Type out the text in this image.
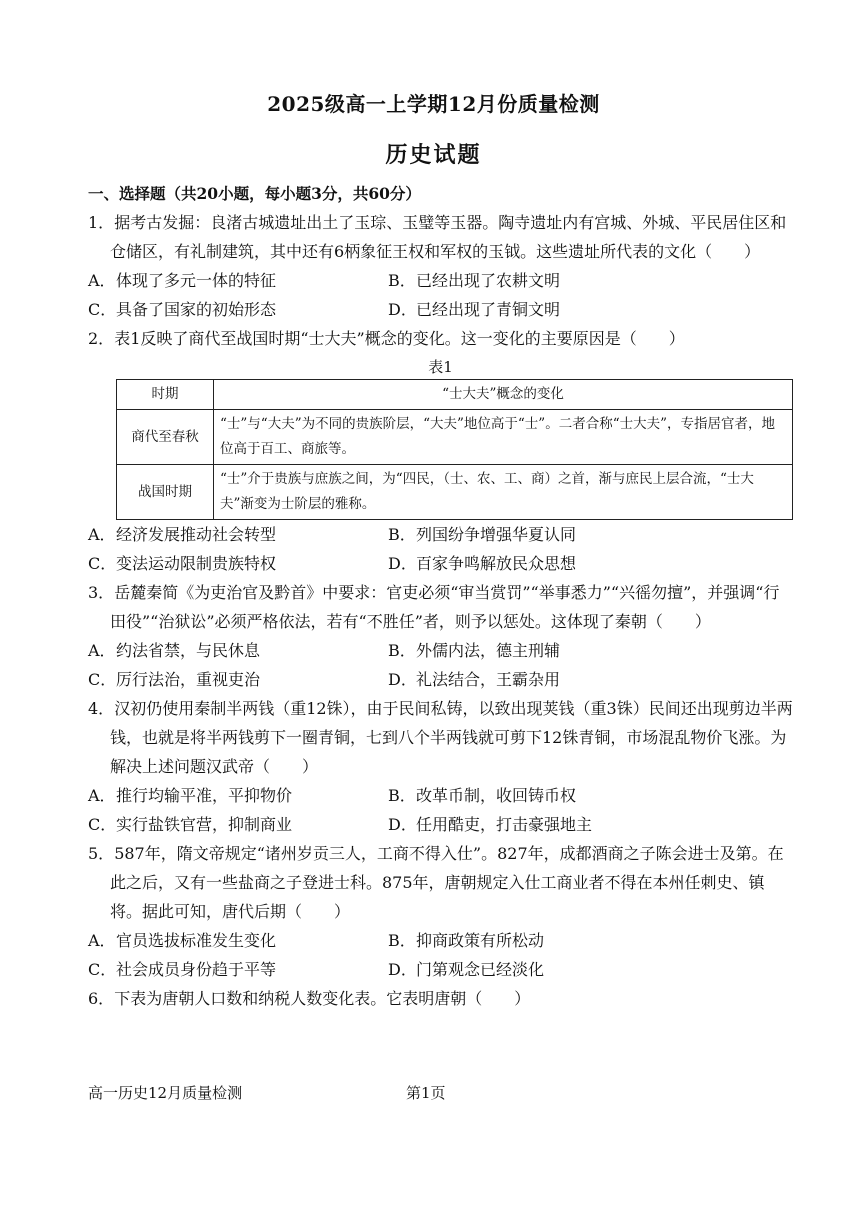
2025级高一上学期12月份质量检测
历史试题
一、选择题（共20小题，每小题3分，共60分）
1．据考古发掘：良渚古城遗址出土了玉琮、玉璧等玉器。陶寺遗址内有宫城、外城、平民居住区和仓储区，有礼制建筑，其中还有6柄象征王权和军权的玉钺。这些遗址所代表的文化（　　）
A． 体现了多元一体的特征	B． 已经出现了农耕文明
C． 具备了国家的初始形态	D． 已经出现了青铜文明
2．表1反映了商代至战国时期“士大夫”概念的变化。这一变化的主要原因是（　　）
表1
时期	“士大夫”概念的变化
商代至春秋	“士”与“大夫”为不同的贵族阶层，“大夫”地位高于“士”。二者合称“士大夫”，专指居官者，地位高于百工、商旅等。
战国时期	“士”介于贵族与庶族之间，为“四民，（士、农、工、商）之首，渐与庶民上层合流，“士大夫”渐变为士阶层的雅称。
A． 经济发展推动社会转型	B． 列国纷争增强华夏认同
C． 变法运动限制贵族特权	D． 百家争鸣解放民众思想
3．岳麓秦简《为吏治官及黔首》中要求：官吏必须“审当赏罚”“举事悉力”“兴徭勿擅”，并强调“行田役”“治狱讼”必须严格依法，若有“不胜任”者，则予以惩处。这体现了秦朝（　　）
A． 约法省禁，与民休息	B． 外儒内法，德主刑辅
C． 厉行法治，重视吏治	D． 礼法结合，王霸杂用
4．汉初仍使用秦制半两钱（重12铢），由于民间私铸，以致出现荚钱（重3铢）民间还出现剪边半两钱，也就是将半两钱剪下一圈青铜，七到八个半两钱就可剪下12铢青铜，市场混乱物价飞涨。为解决上述问题汉武帝（　　）
A． 推行均输平准，平抑物价	B． 改革币制，收回铸币权
C． 实行盐铁官营，抑制商业	D． 任用酷吏，打击豪强地主
5．587年，隋文帝规定“诸州岁贡三人，工商不得入仕”。827年，成都酒商之子陈会进士及第。在此之后，又有一些盐商之子登进士科。875年，唐朝规定入仕工商业者不得在本州任刺史、镇将。据此可知，唐代后期（　　）
A． 官员选拔标准发生变化	B． 抑商政策有所松动
C． 社会成员身份趋于平等	D． 门第观念已经淡化
6．下表为唐朝人口数和纳税人数变化表。它表明唐朝（　　）
高一历史12月质量检测	第1页
